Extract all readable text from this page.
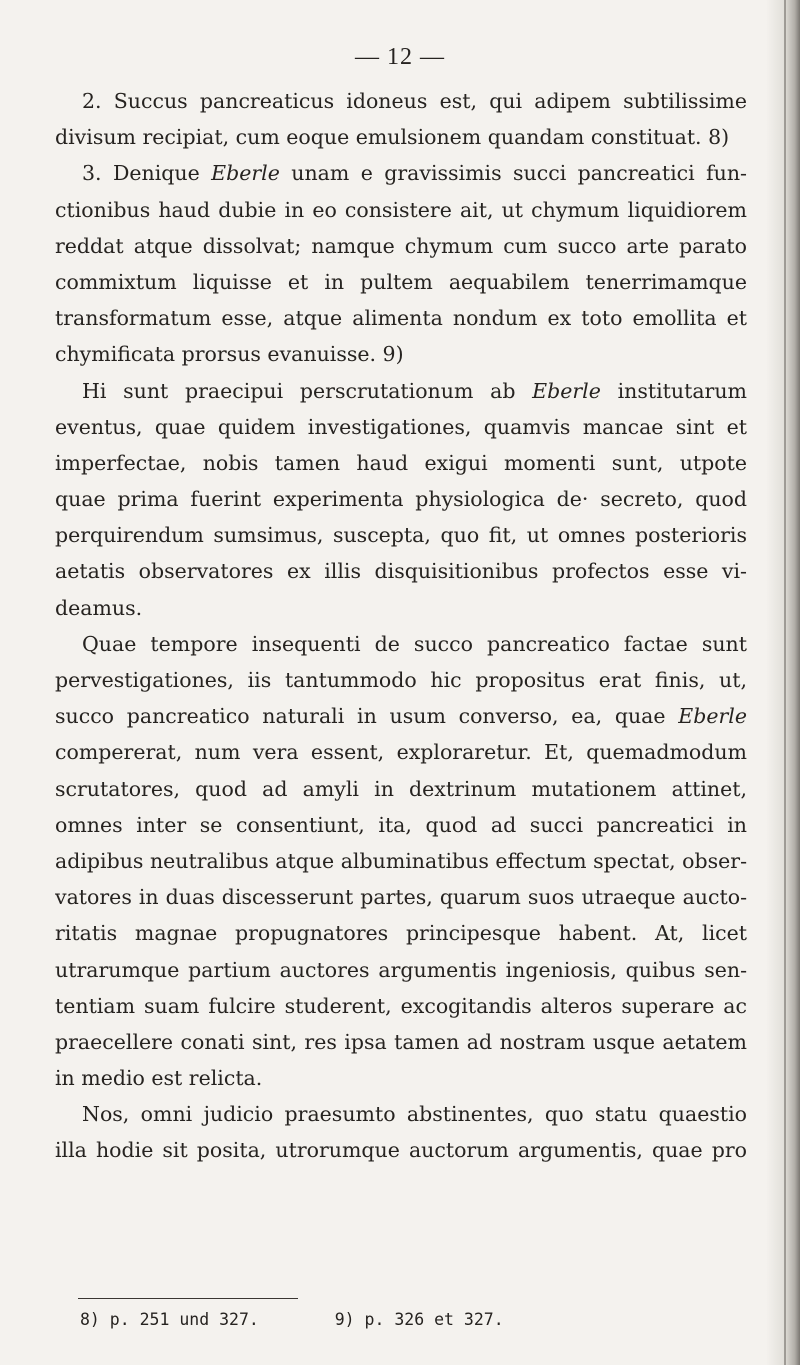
— 12 —
2. Succus pancreaticus idoneus est, qui adipem subtilissime
divisum recipiat, cum eoque emulsionem quandam constituat. 8)
3. Denique Eberle unam e gravissimis succi pancreatici fun-
ctionibus haud dubie in eo consistere ait, ut chymum liquidiorem
reddat atque dissolvat; namque chymum cum succo arte parato
commixtum liquisse et in pultem aequabilem tenerrimamque
transformatum esse, atque alimenta nondum ex toto emollita et
chymificata prorsus evanuisse. 9)
Hi sunt praecipui perscrutationum ab Eberle institutarum
eventus, quae quidem investigationes, quamvis mancae sint et
imperfectae, nobis tamen haud exigui momenti sunt, utpote
quae prima fuerint experimenta physiologica de· secreto, quod
perquirendum sumsimus, suscepta, quo fit, ut omnes posterioris
aetatis observatores ex illis disquisitionibus profectos esse vi-
deamus.
Quae tempore insequenti de succo pancreatico factae sunt
pervestigationes, iis tantummodo hic propositus erat finis, ut,
succo pancreatico naturali in usum converso, ea, quae Eberle
compererat, num vera essent, exploraretur. Et, quemadmodum
scrutatores, quod ad amyli in dextrinum mutationem attinet,
omnes inter se consentiunt, ita, quod ad succi pancreatici in
adipibus neutralibus atque albuminatibus effectum spectat, obser-
vatores in duas discesserunt partes, quarum suos utraeque aucto-
ritatis magnae propugnatores principesque habent. At, licet
utrarumque partium auctores argumentis ingeniosis, quibus sen-
tentiam suam fulcire studerent, excogitandis alteros superare ac
praecellere conati sint, res ipsa tamen ad nostram usque aetatem
in medio est relicta.
Nos, omni judicio praesumto abstinentes, quo statu quaestio
illa hodie sit posita, utrorumque auctorum argumentis, quae pro
8) p. 251 und 327.	9) p. 326 et 327.
